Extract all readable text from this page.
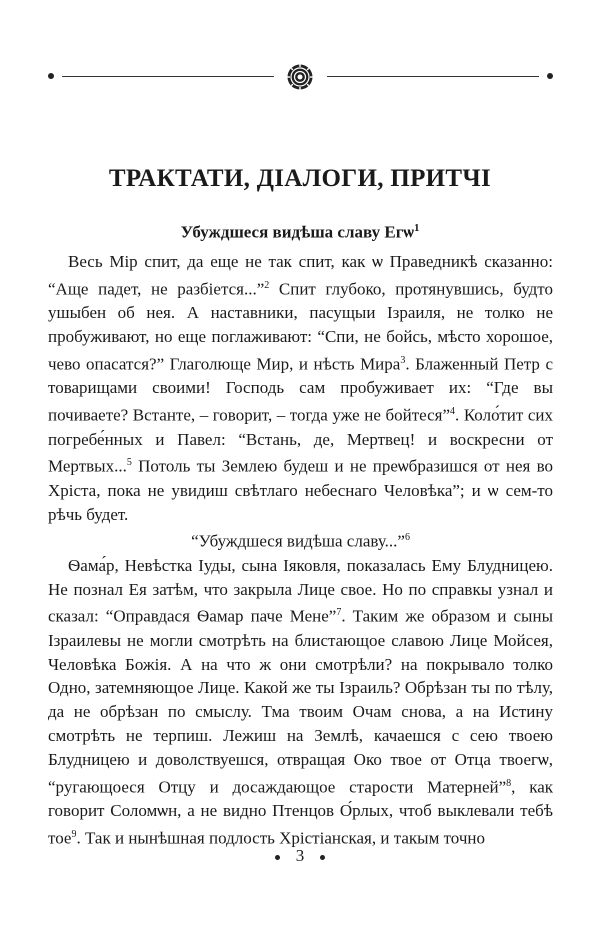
ТРАКТАТИ, ДІАЛОГИ, ПРИТЧІ
Убуждшеся видѣша славу Егѡ$^1$

Весь Мір спит, да еще не так спит, как ѡ Праведникѣ сказанно: “Аще падет, не разбіется...”$^2$ Спит глубоко, протянувшись, будто ушыбен об нея. А наставники, пасущыи Ізраиля, не толко не пробуживают, но еще поглаживают: “Спи, не бойсь, мѣсто хорошое, чево опасатся?” Глаголюще Мир, и нѣсть Мира$^3$. Блаженный Петр с товарищами своими! Господь сам пробуживает их: “Где вы почиваете? Встанте, – говорит, – тогда уже не бойтеся”$^4$. Коло́тит сих погребе́нных и Павел: “Встань, де, Мертвец! и воскресни от Мертвых...$^5$ Потоль ты Землею будеш и не преѡбразишся от нея во Хріста, пока не увидиш свѣтлаго небеснаго Человѣка”; и ѡ сем-то рѣчь будет.

“Убуждшеся видѣша славу...”$^6$

Ѳама́р, Невѣстка Іуды, сына Іяковля, показалась Ему Блудницею. Не познал Ея затѣм, что закрыла Лице свое. Но по справкы узнал и сказал: “Оправдася Ѳамар паче Мене”$^7$. Таким же образом и сыны Ізраилевы не могли смотрѣть на блистающое славою Лице Мойсея, Человѣка Божія. А на что ж они смотрѣли? на покрывало толко Одно, затемняющое Лице. Какой же ты Ізраиль? Обрѣзан ты по тѣлу, да не обрѣзан по смыслу. Тма твоим Очам снова, а на Истину смотрѣть не терпиш. Лежиш на Землѣ, качаешся с сею твоею Блудницею и доволствуешся, отвращая Око твое от Отца твоегѡ, “ругающоеся Отцу и досаждающое старости Матерней”$^8$, как говорит Соломѡн, а не видно Птенцов О́рлых, чтоб выклевали тебѣ тое$^9$. Так и нынѣшная подлость Хрістіанская, и такым точно

3
